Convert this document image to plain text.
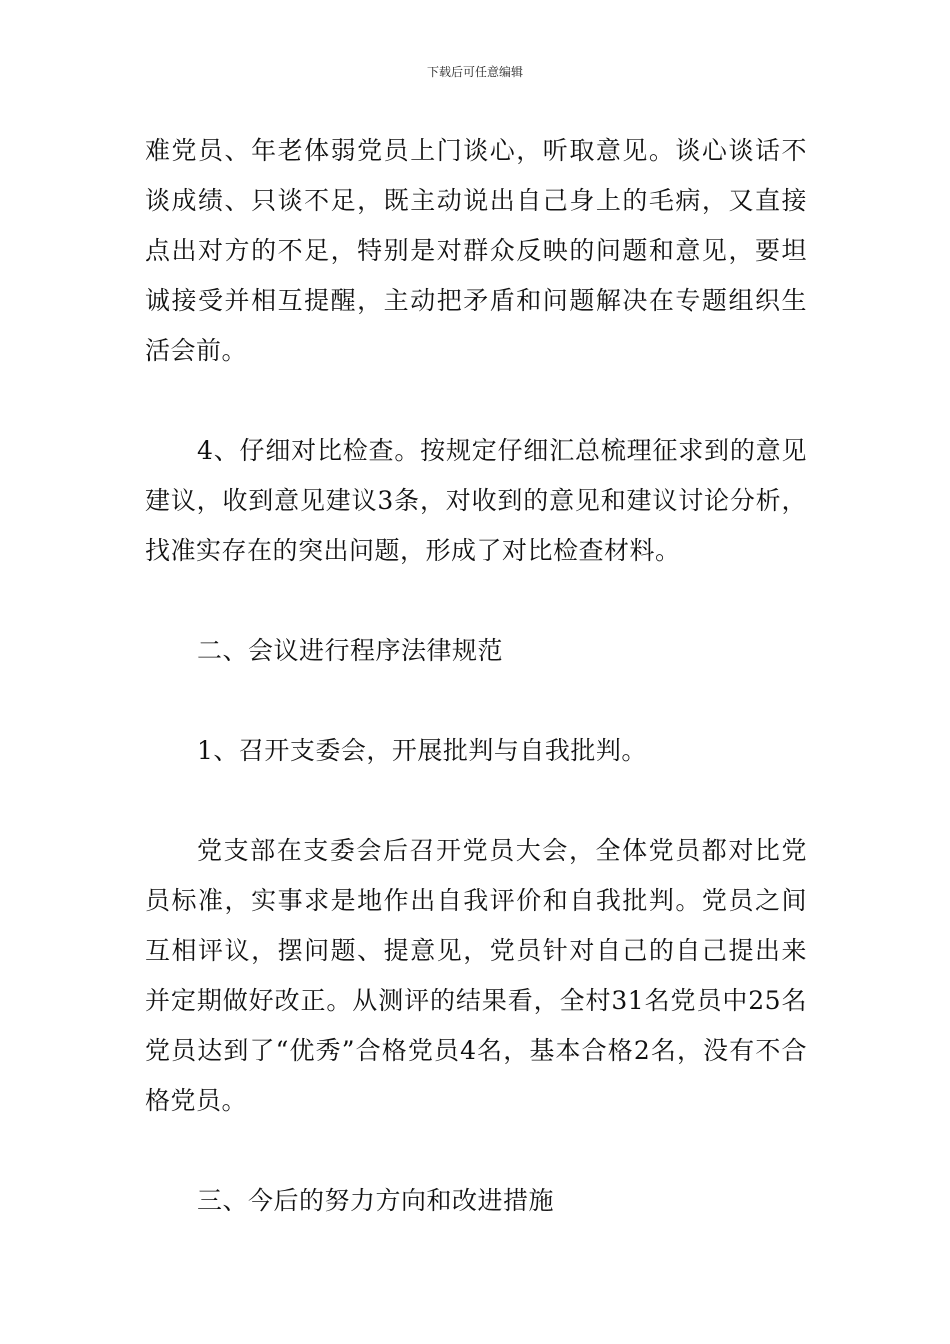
下载后可任意编辑

难党员、年老体弱党员上门谈心，听取意见。谈心谈话不谈成绩、只谈不足，既主动说出自己身上的毛病，又直接点出对方的不足，特别是对群众反映的问题和意见，要坦诚接受并相互提醒，主动把矛盾和问题解决在专题组织生活会前。

4、仔细对比检查。按规定仔细汇总梳理征求到的意见建议，收到意见建议3条，对收到的意见和建议讨论分析，找准实存在的突出问题，形成了对比检查材料。

二、会议进行程序法律规范

1、召开支委会，开展批判与自我批判。

党支部在支委会后召开党员大会，全体党员都对比党员标准，实事求是地作出自我评价和自我批判。党员之间互相评议，摆问题、提意见，党员针对自己的自己提出来并定期做好改正。从测评的结果看，全村31名党员中25名党员达到了“优秀”合格党员4名，基本合格2名，没有不合格党员。

三、今后的努力方向和改进措施
